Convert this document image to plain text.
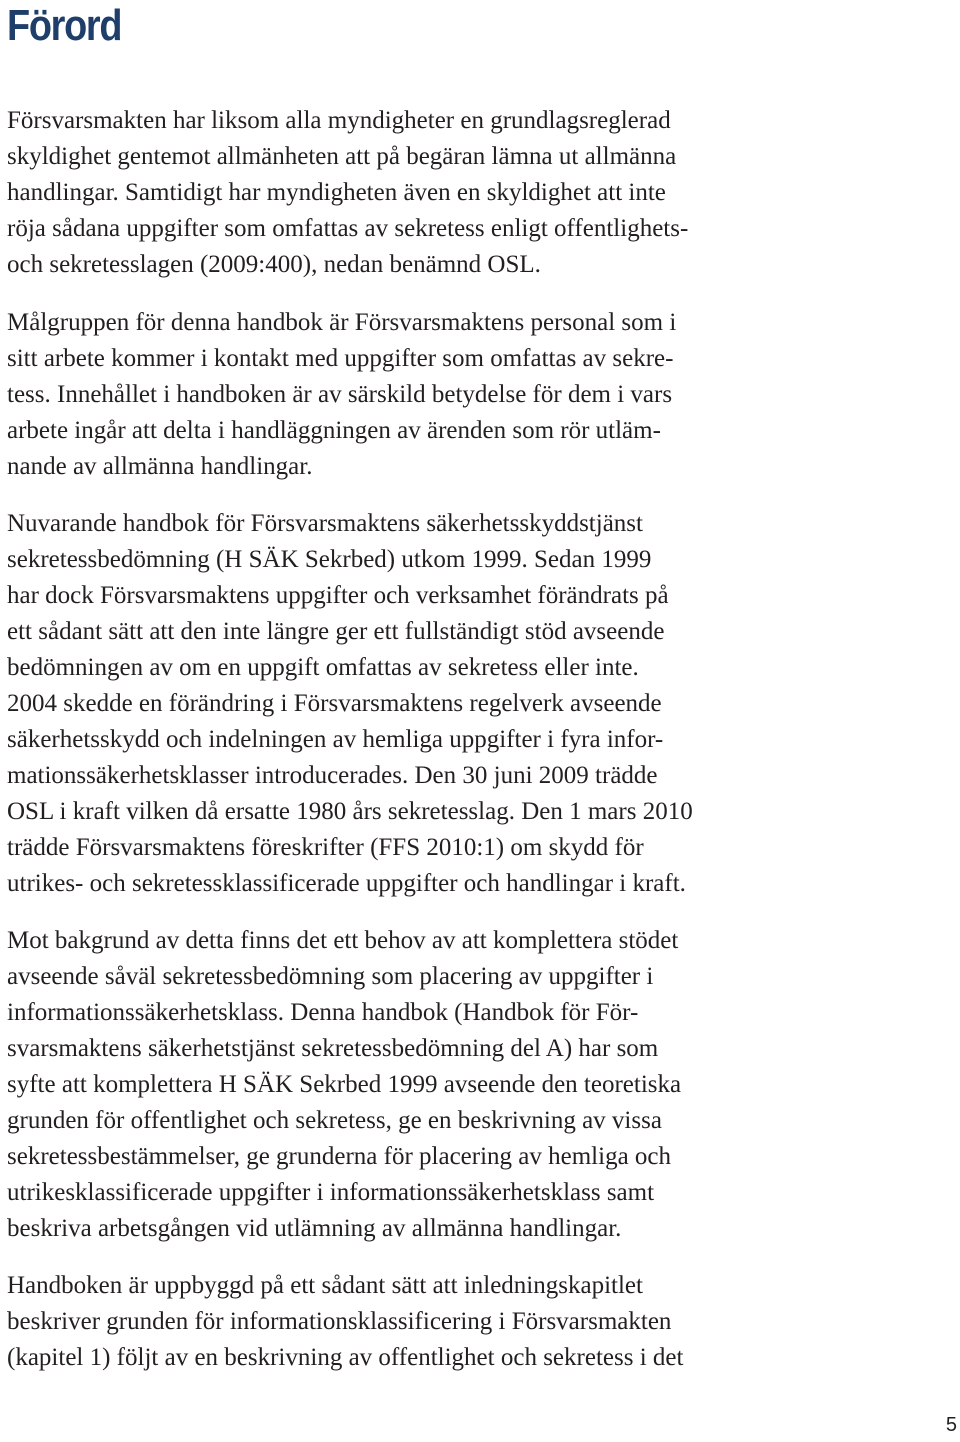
Förord

Försvarsmakten har liksom alla myndigheter en grundlagsreglerad
skyldighet gentemot allmänheten att på begäran lämna ut allmänna
handlingar. Samtidigt har myndigheten även en skyldighet att inte
röja sådana uppgifter som omfattas av sekretess enligt offentlighets-
och sekretesslagen (2009:400), nedan benämnd OSL.

Målgruppen för denna handbok är Försvarsmaktens personal som i
sitt arbete kommer i kontakt med uppgifter som omfattas av sekre-
tess. Innehållet i handboken är av särskild betydelse för dem i vars
arbete ingår att delta i handläggningen av ärenden som rör utläm-
nande av allmänna handlingar.

Nuvarande handbok för Försvarsmaktens säkerhetsskyddstjänst
sekretessbedömning (H SÄK Sekrbed) utkom 1999. Sedan 1999
har dock Försvarsmaktens uppgifter och verksamhet förändrats på
ett sådant sätt att den inte längre ger ett fullständigt stöd avseende
bedömningen av om en uppgift omfattas av sekretess eller inte.
2004 skedde en förändring i Försvarsmaktens regelverk avseende
säkerhetsskydd och indelningen av hemliga uppgifter i fyra infor-
mationssäkerhetsklasser introducerades. Den 30 juni 2009 trädde
OSL i kraft vilken då ersatte 1980 års sekretesslag. Den 1 mars 2010
trädde Försvarsmaktens föreskrifter (FFS 2010:1) om skydd för
utrikes- och sekretessklassificerade uppgifter och handlingar i kraft.

Mot bakgrund av detta finns det ett behov av att komplettera stödet
avseende såväl sekretessbedömning som placering av uppgifter i
informationssäkerhetsklass. Denna handbok (Handbok för För-
svarsmaktens säkerhetstjänst sekretessbedömning del A) har som
syfte att komplettera H SÄK Sekrbed 1999 avseende den teoretiska
grunden för offentlighet och sekretess, ge en beskrivning av vissa
sekretessbestämmelser, ge grunderna för placering av hemliga och
utrikesklassificerade uppgifter i informationssäkerhetsklass samt
beskriva arbetsgången vid utlämning av allmänna handlingar.

Handboken är uppbyggd på ett sådant sätt att inledningskapitlet
beskriver grunden för informationsklassificering i Försvarsmakten
(kapitel 1) följt av en beskrivning av offentlighet och sekretess i det

5
